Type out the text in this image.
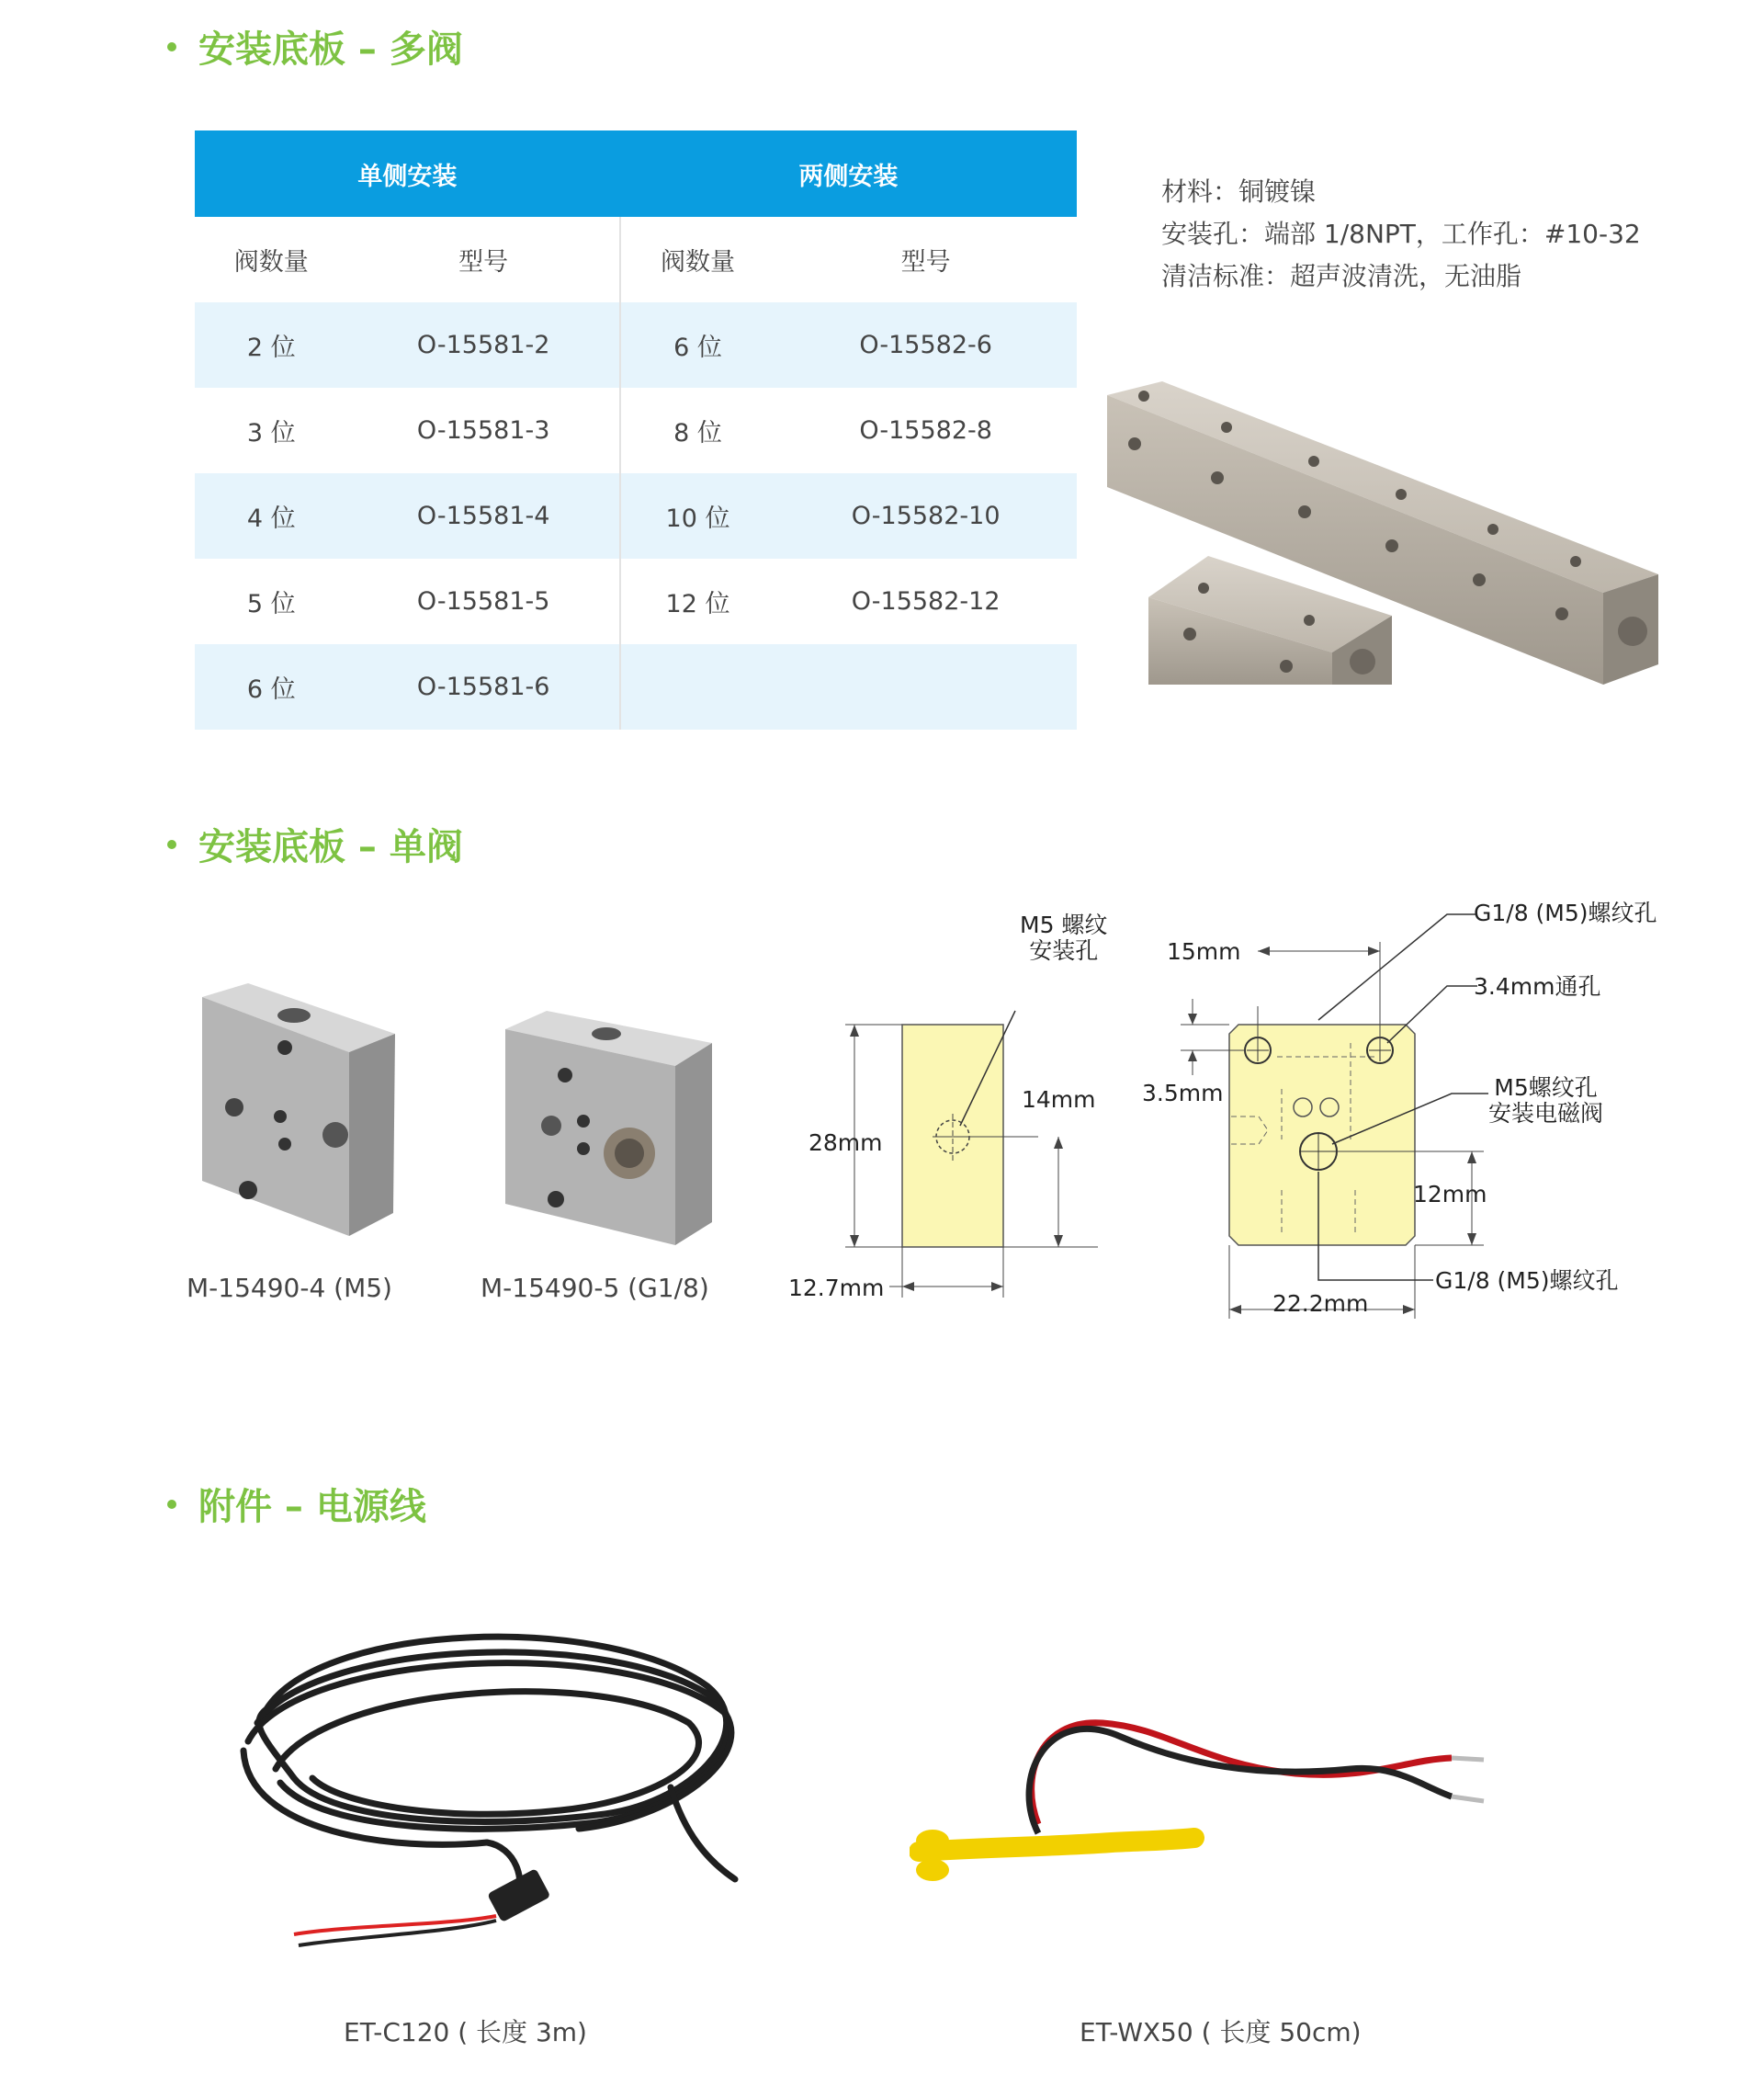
安装底板 – 多阀
单侧安装		两侧安装	
阀数量	型号	阀数量	型号
2 位	O-15581-2	6 位	O-15582-6
3 位	O-15581-3	8 位	O-15582-8
4 位	O-15581-4	10 位	O-15582-10
5 位	O-15581-5	12 位	O-15582-12
6 位	O-15581-6		
材料：铜镀镍
安装孔：端部 1/8NPT，工作孔：#10-32
清洁标准：超声波清洗，无油脂
安装底板 – 单阀
M-15490-4 (M5)	M-15490-5 (G1/8)
M5 螺纹
安装孔
28mm
14mm
12.7mm
15mm
3.5mm
12mm
22.2mm
G1/8 (M5)螺纹孔
3.4mm通孔
M5螺纹孔
安装电磁阀
G1/8 (M5)螺纹孔
附件 – 电源线
ET-C120 ( 长度 3m)	ET-WX50 ( 长度 50cm)
